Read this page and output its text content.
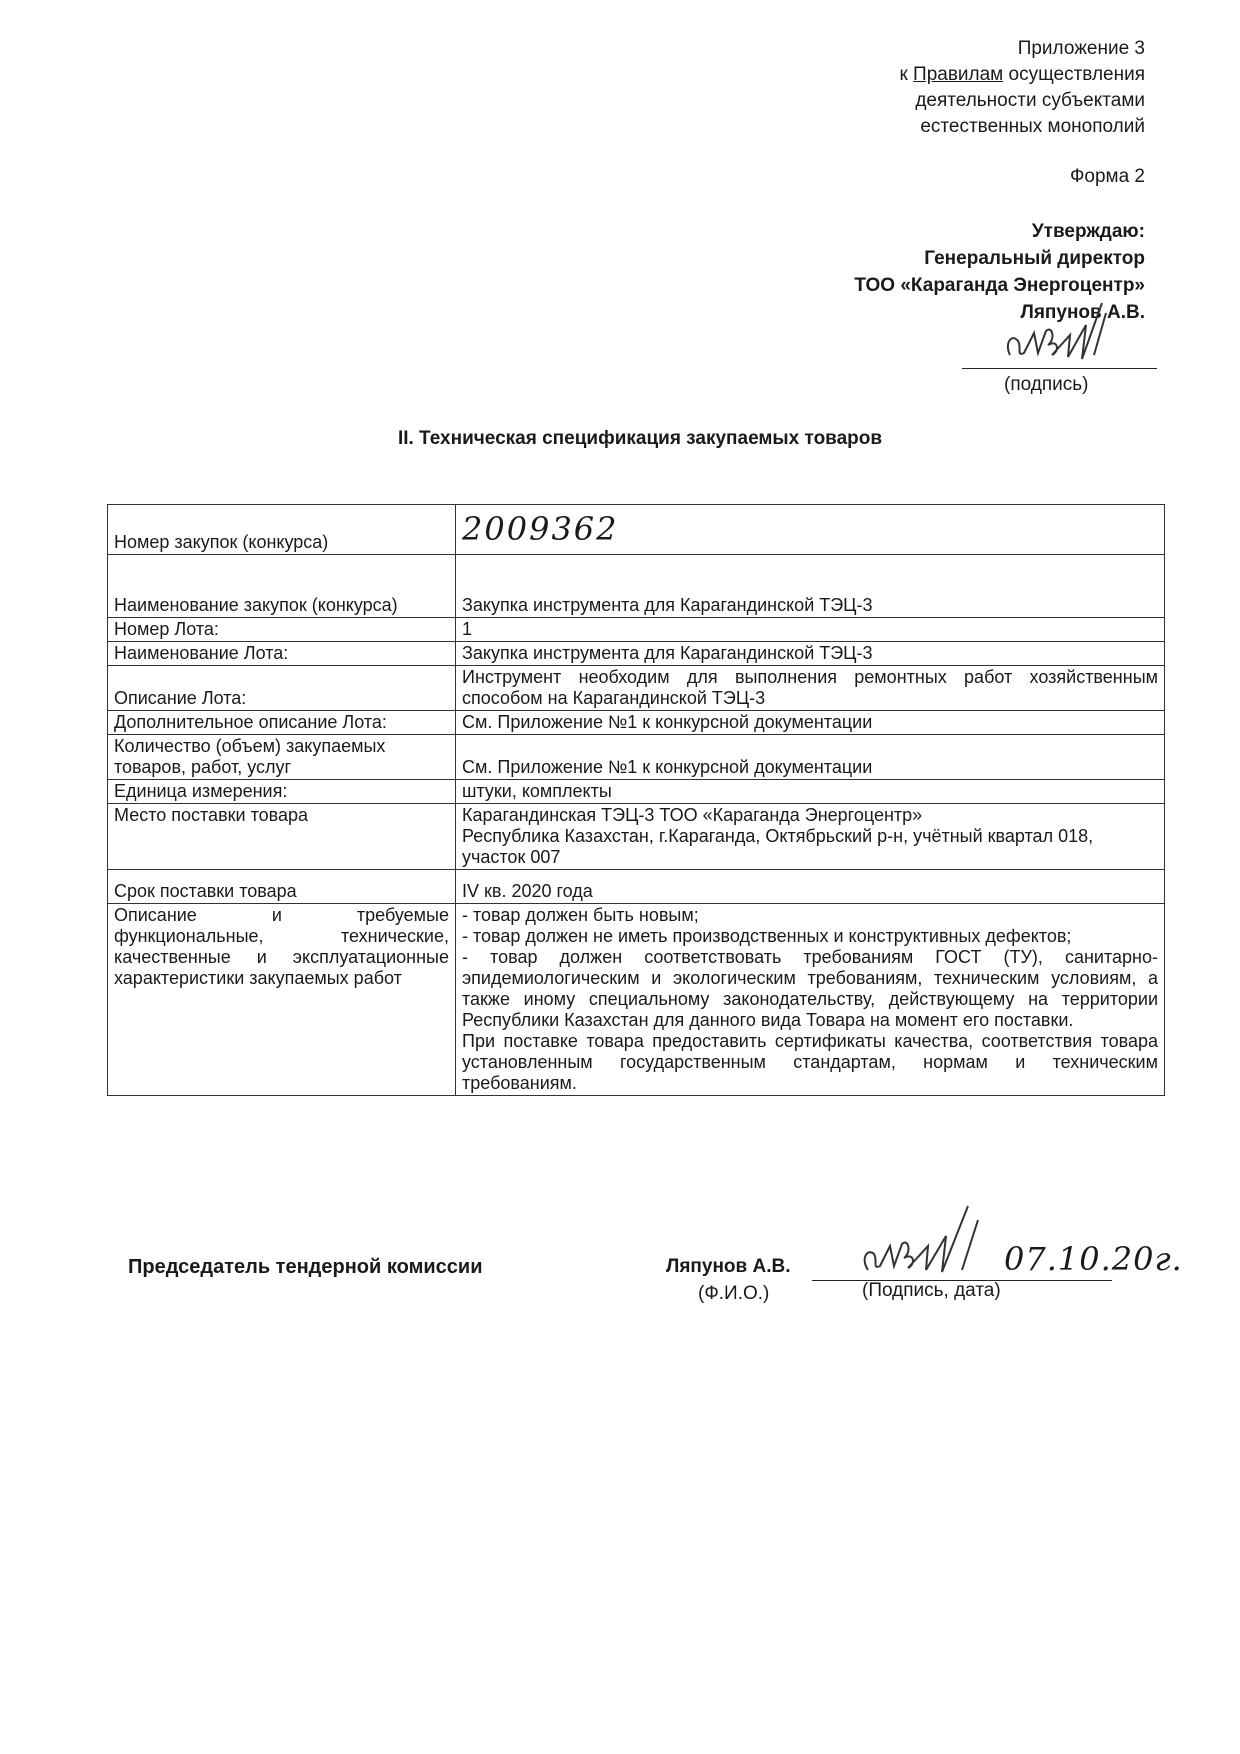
Приложение 3
к Правилам осуществления
деятельности субъектами
естественных монополий
Форма 2
Утверждаю:
Генеральный директор
ТОО «Караганда Энергоцентр»
Ляпунов А.В.
(подпись)
II. Техническая спецификация закупаемых товаров
Номер закупок (конкурса)	2009362
Наименование закупок (конкурса)	Закупка инструмента для Карагандинской ТЭЦ-3
Номер Лота:	1
Наименование Лота:	Закупка инструмента для Карагандинской ТЭЦ-3
Описание Лота:	Инструмент необходим для выполнения ремонтных работ хозяйственным способом на Карагандинской ТЭЦ-3
Дополнительное описание Лота:	См. Приложение №1 к конкурсной документации
Количество (объем) закупаемых товаров, работ, услуг	См. Приложение №1 к конкурсной документации
Единица измерения:	штуки, комплекты
Место поставки товара	Карагандинская ТЭЦ-3 ТОО «Караганда Энергоцентр»
Республика Казахстан, г.Караганда, Октябрьский р-н, учётный квартал 018, участок 007

Срок поставки товара	IV кв. 2020 года
Описание и требуемые функциональные, технические, качественные и эксплуатационные характеристики закупаемых работ	- товар должен быть новым;
- товар должен не иметь производственных и конструктивных дефектов;
- товар должен соответствовать требованиям ГОСТ (ТУ), санитарно-эпидемиологическим и экологическим требованиям, техническим условиям, а также иному специальному законодательству, действующему на территории Республики Казахстан для данного вида Товара на момент его поставки.
При поставке товара предоставить сертификаты качества, соответствия товара установленным государственным стандартам, нормам и техническим требованиям.
Председатель тендерной комиссии	Ляпунов А.В.
(Ф.И.О.)	(Подпись, дата)
07.10.20г.
